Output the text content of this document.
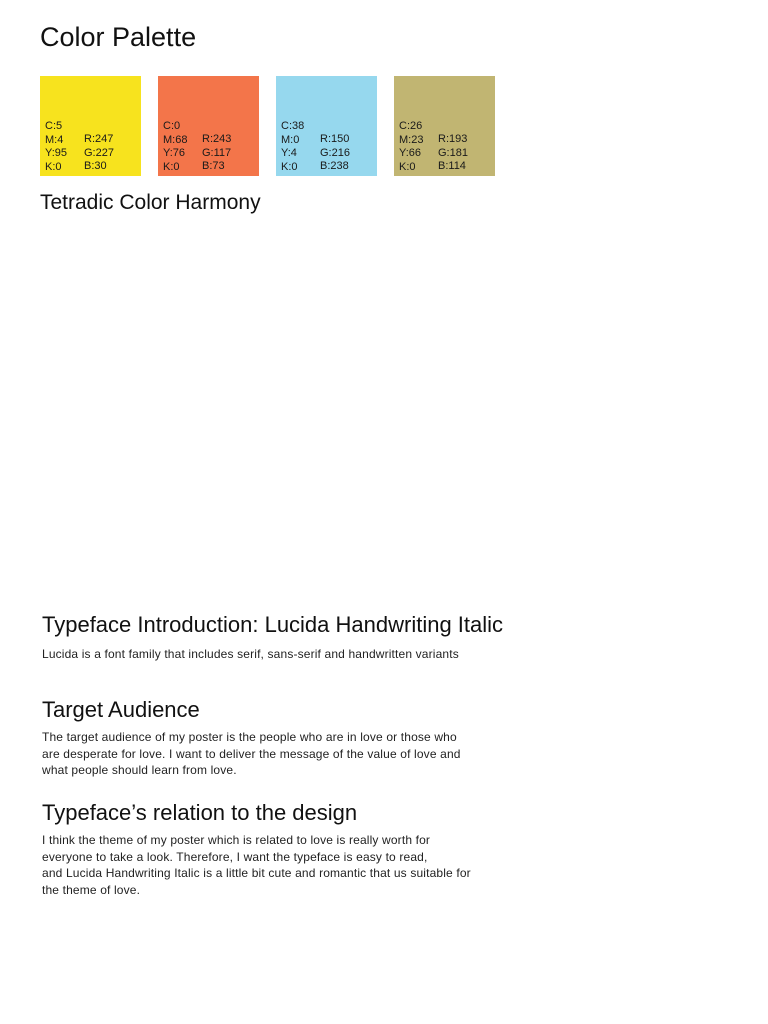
Color Palette
C:5
M:4
Y:95
K:0
R:247
G:227
B:30
C:0
M:68
Y:76
K:0
R:243
G:117
B:73
C:38
M:0
Y:4
K:0
R:150
G:216
B:238
C:26
M:23
Y:66
K:0
R:193
G:181
B:114
Tetradic Color Harmony
Typeface Introduction: Lucida Handwriting Italic

Lucida is a font family that includes serif, sans-serif and handwritten variants

Target Audience

The target audience of my poster is the people who are in love or those who
are desperate for love. I want to deliver the message of the value of love and
what people should learn from love.

Typeface’s relation to the design

I think the theme of my poster which is related to love is really worth for
everyone to take a look. Therefore, I want the typeface is easy to read,
and Lucida Handwriting Italic is a little bit cute and romantic that us suitable for
the theme of love.
